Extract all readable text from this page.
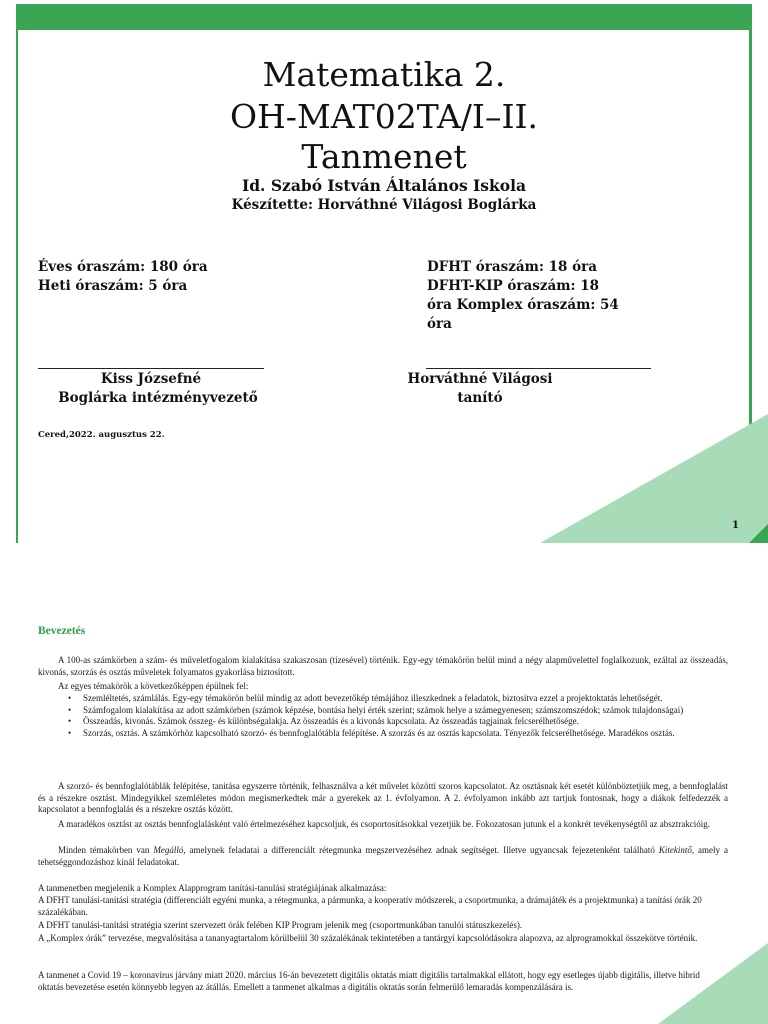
Matematika 2.
OH-MAT02TA/I–II.
Tanmenet
Id. Szabó István Általános Iskola
Készítette: Horváthné Világosi Boglárka
Éves óraszám: 180 óra
Heti óraszám: 5 óra
DFHT óraszám: 18 óra
DFHT-KIP óraszám: 18
óra Komplex óraszám: 54
óra
Kiss Józsefné
Boglárka intézményvezető
Horváthné Világosi
tanító
Cered,2022. augusztus 22.
1
Bevezetés
A 100-as számkörben a szám- és műveletfogalom kialakítása szakaszosan (tízesével) történik. Egy-egy témakörön belül mind a négy alapművelettel foglalkozunk, ezáltal az összeadás, kivonás, szorzás és osztás műveletek folyamatos gyakorlása biztosított.
Az egyes témakörök a következőképpen épülnek fel:
• Szemléltetés, számlálás. Egy-egy témakörön belül mindig az adott bevezetőkép témájához illeszkednek a feladatok, biztosítva ezzel a projektoktatás lehetőségét.
• Számfogalom kialakítása az adott számkörben (számok képzése, bontása helyi érték szerint; számok helye a számegyenesen; számszomszédok; számok tulajdonságai)
• Összeadás, kivonás. Számok összeg- és különbségalakja. Az összeadás és a kivonás kapcsolata. Az összeadás tagjainak felcserélhetősége.
• Szorzás, osztás. A számkörhöz kapcsolható szorzó- és bennfoglalótábla felépítése. A szorzás és az osztás kapcsolata. Tényezők felcserélhetősége. Maradékos osztás.
A szorzó- és bennfoglalótáblák felépítése, tanítása egyszerre történik, felhasználva a két művelet közötti szoros kapcsolatot. Az osztásnak két esetét különböztetjük meg, a bennfoglalást és a részekre osztást. Mindegyikkel szemléletes módon megismerkedtek már a gyerekek az 1. évfolyamon. A 2. évfolyamon inkább azt tartjuk fontosnak, hogy a diákok felfedezzék a kapcsolatot a bennfoglalás és a részekre osztás között.
A maradékos osztást az osztás bennfoglalásként való értelmezéséhez kapcsoljuk, és csoportosításokkal vezetjük be. Fokozatosan jutunk el a konkrét tevékenységtől az absztrakcióig.
Minden témakörben van Megálló, amelynek feladatai a differenciált rétegmunka megszervezéséhez adnak segítséget. Illetve ugyancsak fejezetenként található Kitekintő, amely a tehetséggondozáshoz kínál feladatokat.
A tanmenetben megjelenik a Komplex Alapprogram tanítási-tanulási stratégiájának alkalmazása:
A DFHT tanulási-tanítási stratégia (differenciált egyéni munka, a rétegmunka, a pármunka, a kooperatív módszerek, a csoportmunka, a drámajáték és a projektmunka) a tanítási órák 20 százalékában.
A DFHT tanulási-tanítási stratégia szerint szervezett órák felében KIP Program jelenik meg (csoportmunkában tanulói státuszkezelés).
A „Komplex órák” tervezése, megvalósítása a tananyagtartalom körülbelül 30 százalékának tekintetében a tantárgyi kapcsolódásokra alapozva, az alprogramokkal összekötve történik.
A tanmenet a Covid 19 – koronavírus járvány miatt 2020. március 16-án bevezetett digitális oktatás miatt digitális tartalmakkal ellátott, hogy egy esetleges újabb digitális, illetve hibrid oktatás bevezetése esetén könnyebb legyen az átállás. Emellett a tanmenet alkalmas a digitális oktatás során felmerülő lemaradás kompenzálására is.
